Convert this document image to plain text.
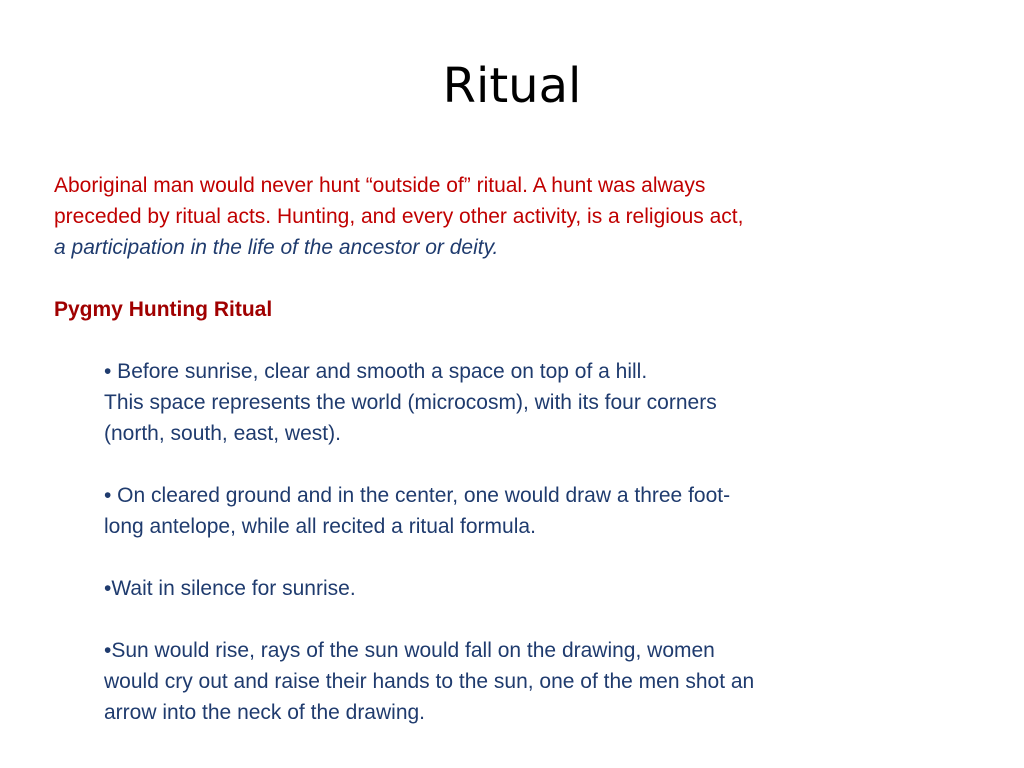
Ritual

Aboriginal man would never hunt “outside of” ritual. A hunt was always
preceded by ritual acts. Hunting, and every other activity, is a religious act,
a participation in the life of the ancestor or deity.

Pygmy Hunting Ritual

• Before sunrise, clear and smooth a space on top of a hill.
This space represents the world (microcosm), with its four corners
(north, south, east, west).
• On cleared ground and in the center, one would draw a three foot-
long antelope, while all recited a ritual formula.
•Wait in silence for sunrise.
•Sun would rise, rays of the sun would fall on the drawing, women
would cry out and raise their hands to the sun, one of the men shot an
arrow into the neck of the drawing.
